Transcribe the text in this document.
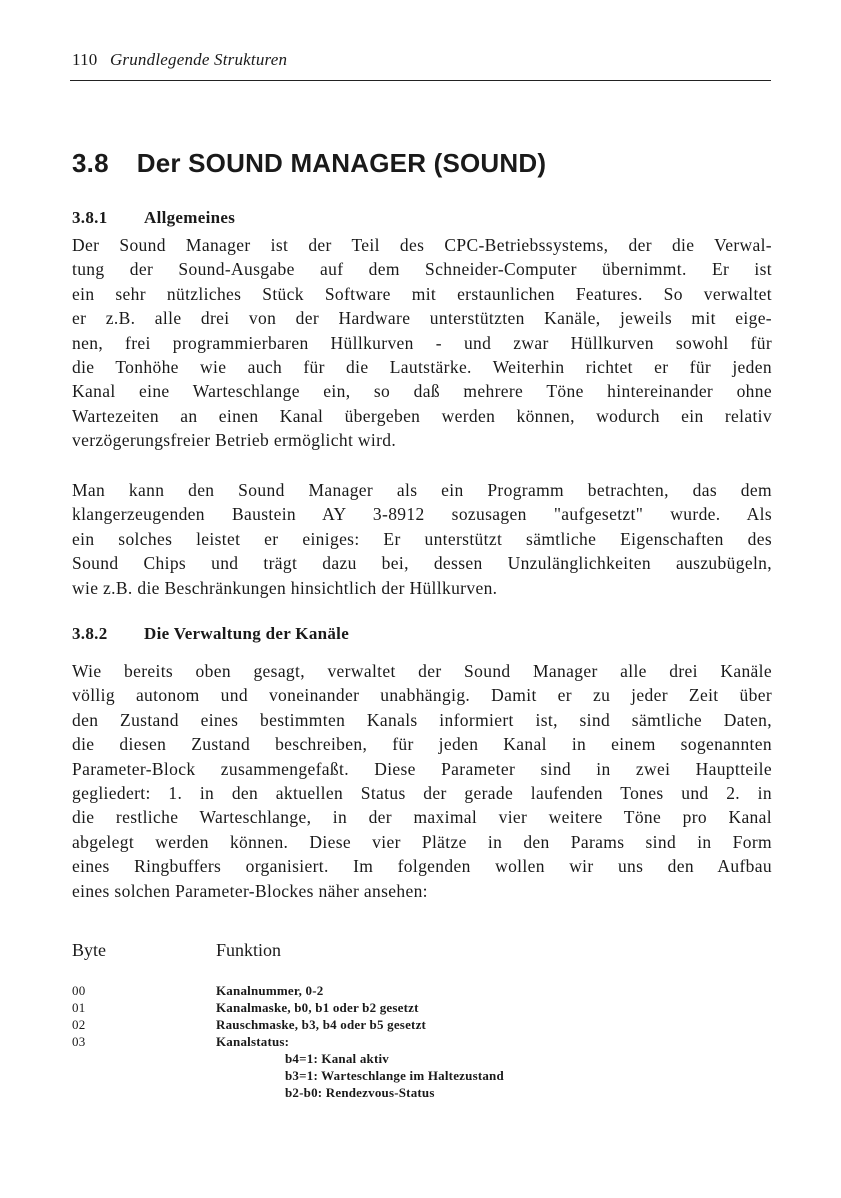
110 Grundlegende Strukturen
3.8 Der SOUND MANAGER (SOUND)
3.8.1 Allgemeines
Der Sound Manager ist der Teil des CPC-Betriebssystems, der die Verwal-
tung der Sound-Ausgabe auf dem Schneider-Computer übernimmt. Er ist
ein sehr nützliches Stück Software mit erstaunlichen Features. So verwaltet
er z.B. alle drei von der Hardware unterstützten Kanäle, jeweils mit eige-
nen, frei programmierbaren Hüllkurven - und zwar Hüllkurven sowohl für
die Tonhöhe wie auch für die Lautstärke. Weiterhin richtet er für jeden
Kanal eine Warteschlange ein, so daß mehrere Töne hintereinander ohne
Wartezeiten an einen Kanal übergeben werden können, wodurch ein relativ
verzögerungsfreier Betrieb ermöglicht wird.
Man kann den Sound Manager als ein Programm betrachten, das dem
klangerzeugenden Baustein AY 3-8912 sozusagen "aufgesetzt" wurde. Als
ein solches leistet er einiges: Er unterstützt sämtliche Eigenschaften des
Sound Chips und trägt dazu bei, dessen Unzulänglichkeiten auszubügeln,
wie z.B. die Beschränkungen hinsichtlich der Hüllkurven.
3.8.2 Die Verwaltung der Kanäle
Wie bereits oben gesagt, verwaltet der Sound Manager alle drei Kanäle
völlig autonom und voneinander unabhängig. Damit er zu jeder Zeit über
den Zustand eines bestimmten Kanals informiert ist, sind sämtliche Daten,
die diesen Zustand beschreiben, für jeden Kanal in einem sogenannten
Parameter-Block zusammengefaßt. Diese Parameter sind in zwei Hauptteile
gegliedert: 1. in den aktuellen Status der gerade laufenden Tones und 2. in
die restliche Warteschlange, in der maximal vier weitere Töne pro Kanal
abgelegt werden können. Diese vier Plätze in den Params sind in Form
eines Ringbuffers organisiert. Im folgenden wollen wir uns den Aufbau
eines solchen Parameter-Blockes näher ansehen:
Byte	Funktion
00	Kanalnummer, 0-2
01	Kanalmaske, b0, b1 oder b2 gesetzt
02	Rauschmaske, b3, b4 oder b5 gesetzt
03	Kanalstatus:
b4=1: Kanal aktiv
b3=1: Warteschlange im Haltezustand
b2-b0: Rendezvous-Status
